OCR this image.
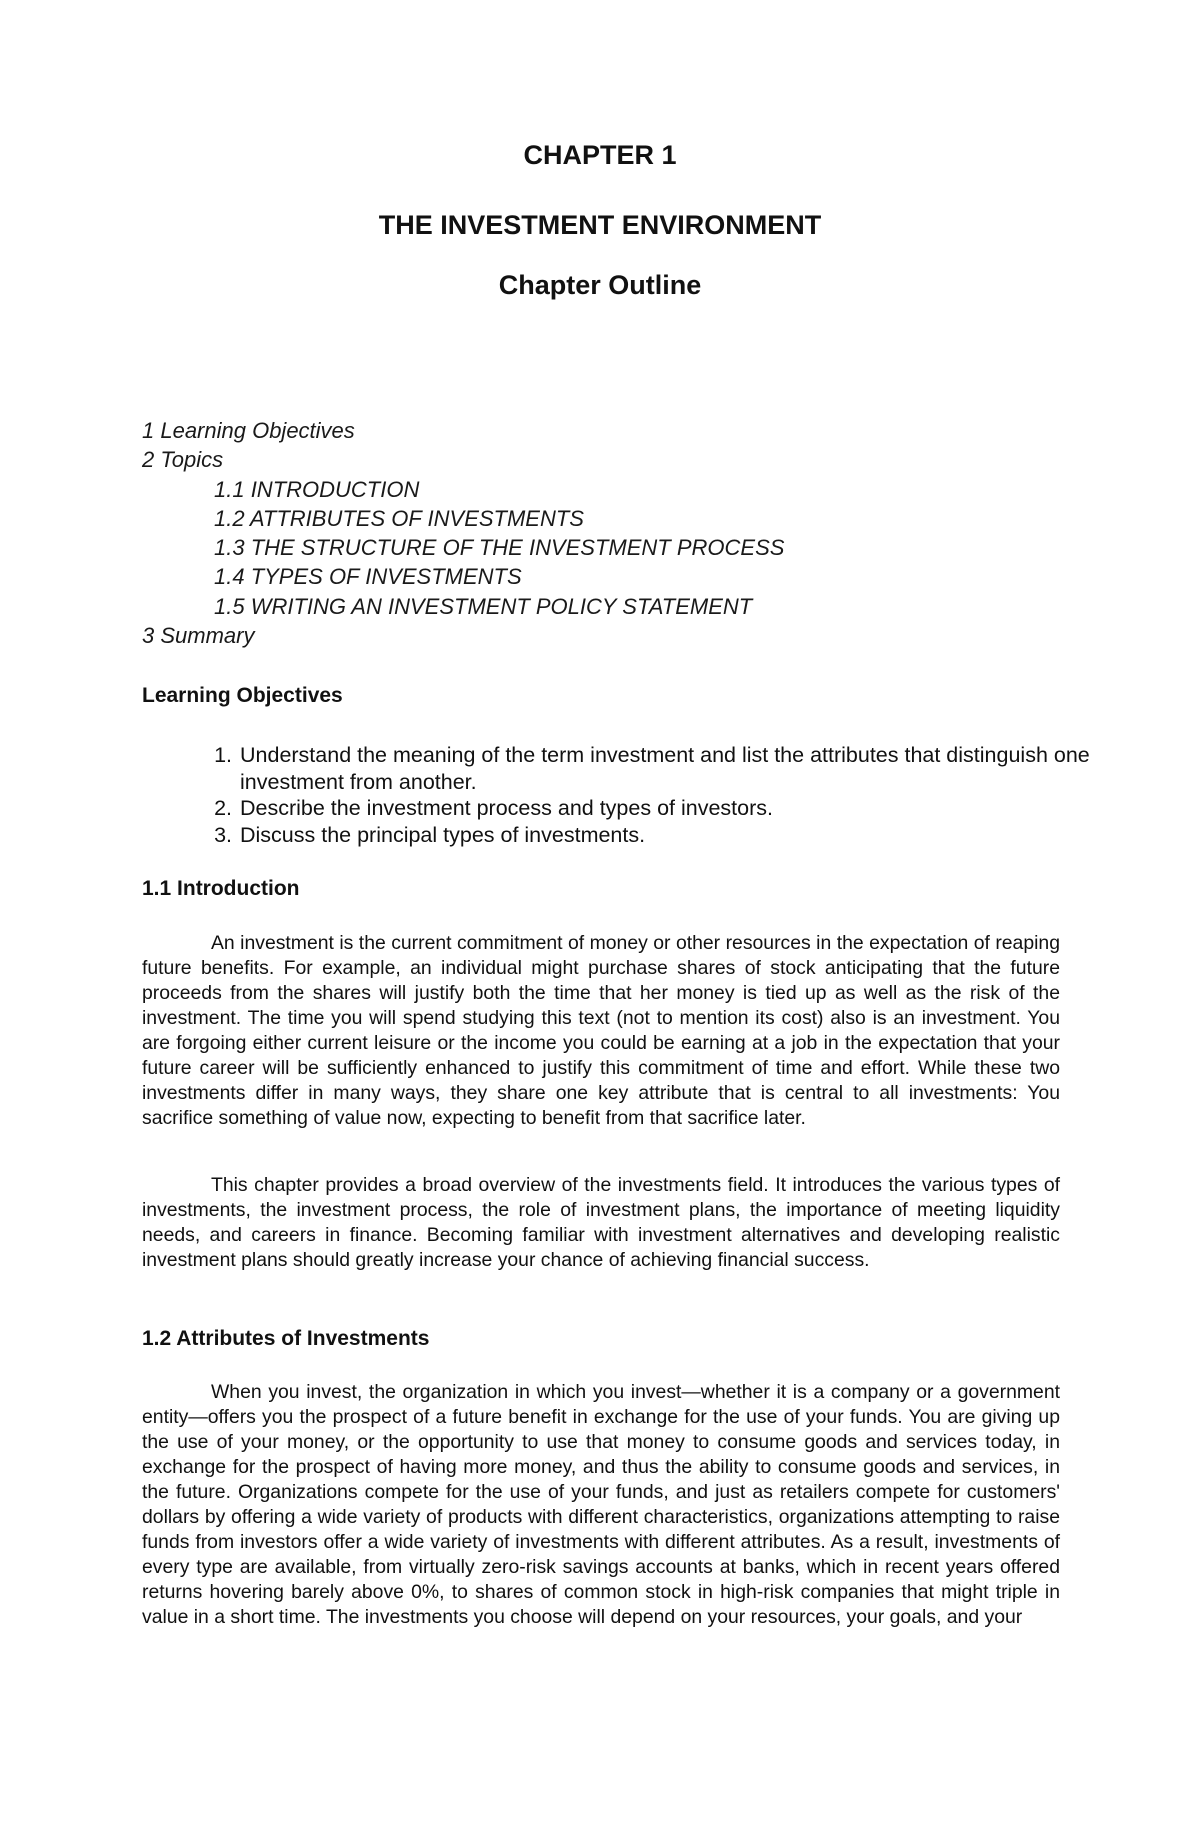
CHAPTER 1
THE INVESTMENT ENVIRONMENT
Chapter Outline
1 Learning Objectives
2 Topics
1.1 INTRODUCTION
1.2 ATTRIBUTES OF INVESTMENTS
1.3 THE STRUCTURE OF THE INVESTMENT PROCESS
1.4 TYPES OF INVESTMENTS
1.5 WRITING AN INVESTMENT POLICY STATEMENT
3 Summary
Learning Objectives
1. Understand the meaning of the term investment and list the attributes that distinguish one investment from another.
2. Describe the investment process and types of investors.
3. Discuss the principal types of investments.
1.1 Introduction

An investment is the current commitment of money or other resources in the expectation of reaping future benefits. For example, an individual might purchase shares of stock anticipating that the future proceeds from the shares will justify both the time that her money is tied up as well as the risk of the investment. The time you will spend studying this text (not to mention its cost) also is an investment. You are forgoing either current leisure or the income you could be earning at a job in the expectation that your future career will be sufficiently enhanced to justify this commitment of time and effort. While these two investments differ in many ways, they share one key attribute that is central to all investments: You sacrifice something of value now, expecting to benefit from that sacrifice later.

This chapter provides a broad overview of the investments field. It introduces the various types of investments, the investment process, the role of investment plans, the importance of meeting liquidity needs, and careers in finance. Becoming familiar with investment alternatives and developing realistic investment plans should greatly increase your chance of achieving financial success.

1.2 Attributes of Investments

When you invest, the organization in which you invest—whether it is a company or a government entity—offers you the prospect of a future benefit in exchange for the use of your funds. You are giving up the use of your money, or the opportunity to use that money to consume goods and services today, in exchange for the prospect of having more money, and thus the ability to consume goods and services, in the future. Organizations compete for the use of your funds, and just as retailers compete for customers' dollars by offering a wide variety of products with different characteristics, organizations attempting to raise funds from investors offer a wide variety of investments with different attributes. As a result, investments of every type are available, from virtually zero-risk savings accounts at banks, which in recent years offered returns hovering barely above 0%, to shares of common stock in high-risk companies that might triple in value in a short time. The investments you choose will depend on your resources, your goals, and your
